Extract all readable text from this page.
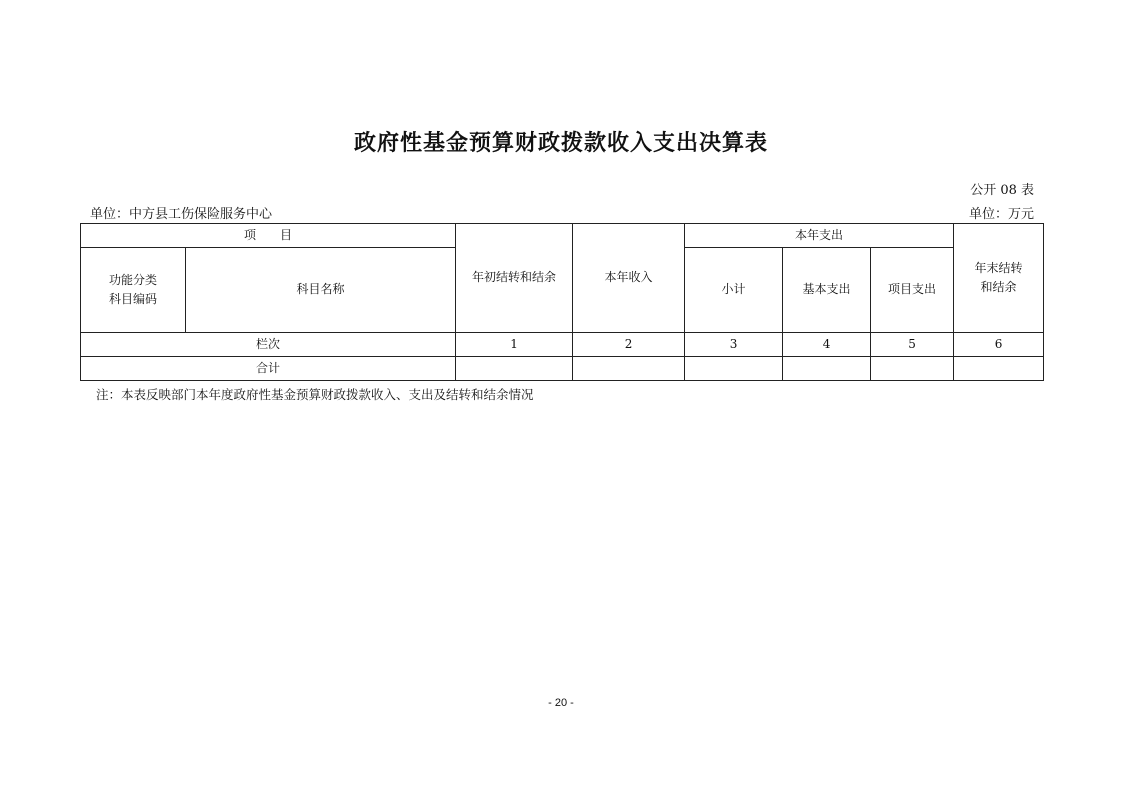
政府性基金预算财政拨款收入支出决算表
公开 08 表
单位：中方县工伤保险服务中心	单位：万元
项　　目		年初结转和结余	本年收入	本年支出			年末结转
和结余

功能分类
科目编码	科目名称			小计	基本支出	项目支出	
栏次		1	2	3	4	5	6
合计							
注：本表反映部门本年度政府性基金预算财政拨款收入、支出及结转和结余情况
- 20 -
